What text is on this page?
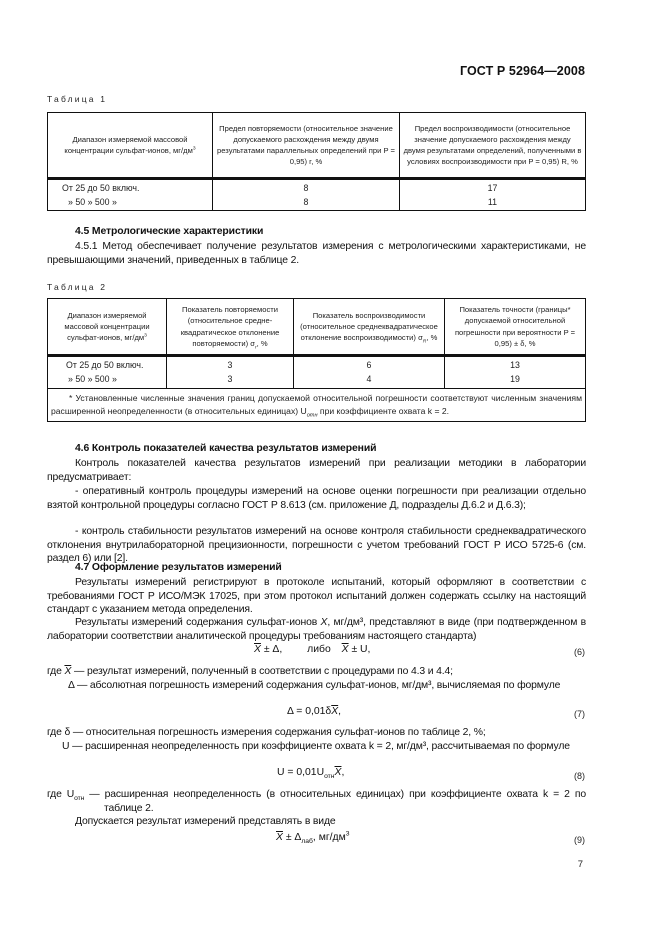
ГОСТ Р 52964—2008
Таблица 1
Диапазон измеряемой массовой концентрации сульфат-ионов, $мг/дм^3$	Предел повторяемости (относительное значение допускаемого расхождения между двумя результатами параллельных определений при P = 0,95) r, %	Предел воспроизводимости (относительное значение допускаемого расхождения между двумя результатами определений, полученными в условиях воспроизводимости при P = 0,95) R, %
От 25 до 50 включ.	8	17
» 50 » 500 »	8	11
4.5 Метрологические характеристики
4.5.1 Метод обеспечивает получение результатов измерения с метрологическими характеристиками, не превышающими значений, приведенных в таблице 2.
Таблица 2
Диапазон измеряемой массовой концентрации сульфат-ионов, $мг/дм^3$	Показатель повторяемости (относительное среднеквадратическое отклонение повторяемости) $\sigma_r$, %	Показатель воспроизводимости (относительное среднеквадратическое отклонение воспроизводимости) $\sigma_R$, %	Показатель точности (границы* допускаемой относительной погрешности при вероятности P = 0,95) ± δ, %
От 25 до 50 включ.	3	6	13
» 50 » 500 »	3	4	19
* Установленные численные значения границ допускаемой относительной погрешности соответствуют численным значениям расширенной неопределенности (в относительных единицах) $U_{отн}$ при коэффициенте охвата k = 2.			
4.6 Контроль показателей качества результатов измерений
Контроль показателей качества результатов измерений при реализации методики в лаборатории предусматривает:
- оперативный контроль процедуры измерений на основе оценки погрешности при реализации отдельно взятой контрольной процедуры согласно ГОСТ Р 8.613 (см. приложение Д, подразделы Д.6.2 и Д.6.3);
- контроль стабильности результатов измерений на основе контроля стабильности среднеквадратического отклонения внутрилабораторной прецизионности, погрешности с учетом требований ГОСТ Р ИСО 5725-6 (см. раздел 6) или [2].
4.7 Оформление результатов измерений
Результаты измерений регистрируют в протоколе испытаний, который оформляют в соответствии с требованиями ГОСТ Р ИСО/МЭК 17025, при этом протокол испытаний должен содержать ссылку на настоящий стандарт с указанием метода определения.
Результаты измерений содержания сульфат-ионов X, мг/дм³, представляют в виде (при подтвержденном в лаборатории соответствии аналитической процедуры требованиям настоящего стандарта)
$\overline{X} \pm \Delta$, либо $\overline{X} \pm U$,	(6)
где $\overline{X}$ — результат измерений, полученный в соответствии с процедурами по 4.3 и 4.4;
Δ — абсолютная погрешность измерений содержания сульфат-ионов, мг/дм³, вычисляемая по формуле
$\Delta = 0,01\delta\overline{X}$,	(7)
где δ — относительная погрешность измерения содержания сульфат-ионов по таблице 2, %;
U — расширенная неопределенность при коэффициенте охвата k = 2, мг/дм³, рассчитываемая по формуле
$U = 0,01U_{отн}\overline{X}$,	(8)
где $U_{отн}$ — расширенная неопределенность (в относительных единицах) при коэффициенте охвата k = 2 по таблице 2.
Допускается результат измерений представлять в виде
$\overline{X} \pm \Delta_{лаб}$, $мг/дм^3$
(9)
7
